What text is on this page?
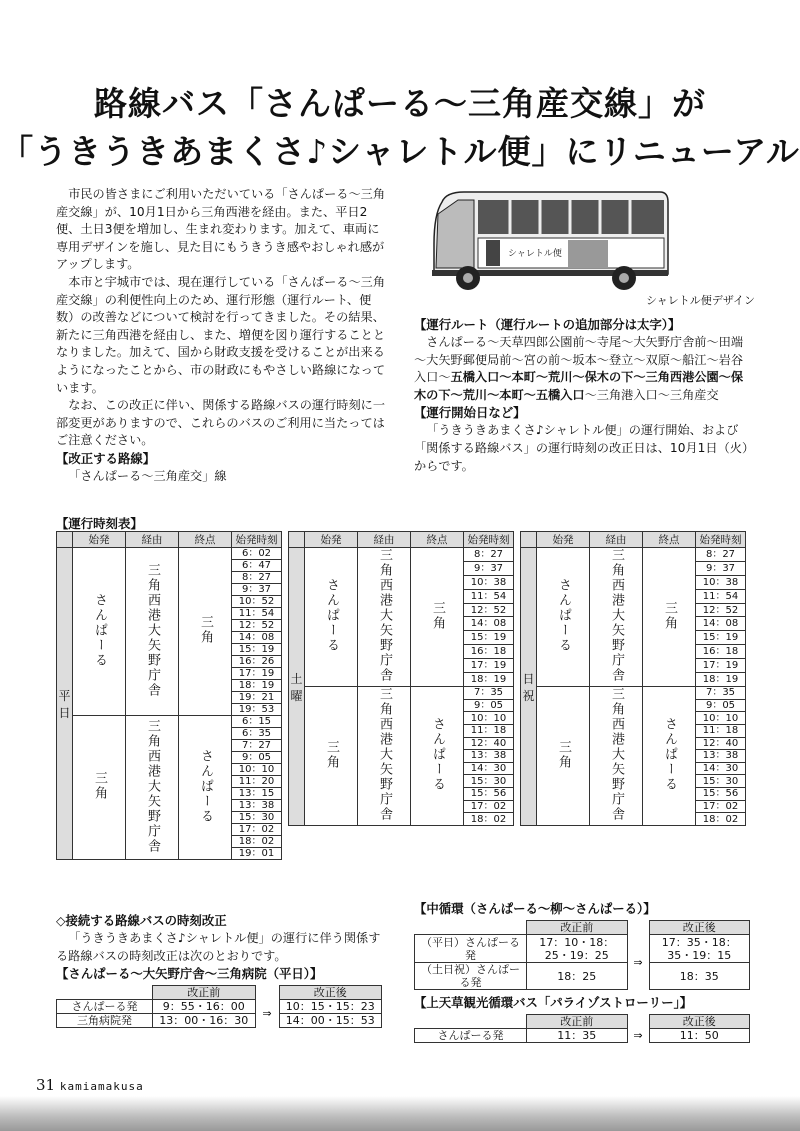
路線バス「さんぱーる～三角産交線」が
「うきうきあまくさ♪シャレトル便」にリニューアル

市民の皆さまにご利用いただいている「さんぱーる～三角産交線」が、10月1日から三角西港を経由。また、平日2便、土日3便を増加し、生まれ変わります。加えて、車両に専用デザインを施し、見た目にもうきうき感やおしゃれ感がアップします。

本市と宇城市では、現在運行している「さんぱーる～三角産交線」の利便性向上のため、運行形態（運行ルート、便数）の改善などについて検討を行ってきました。その結果、新たに三角西港を経由し、また、増便を図り運行することとなりました。加えて、国から財政支援を受けることが出来るようになったことから、市の財政にもやさしい路線になっています。

なお、この改正に伴い、関係する路線バスの運行時刻に一部変更がありますので、これらのバスのご利用に当たってはご注意ください。

【改正する路線】
「さんぱーる～三角産交」線
シャレトル便
シャレトル便デザイン
【運行ルート（運行ルートの追加部分は太字）】
さんぱーる～天草四郎公園前～寺尾～大矢野庁舎前～田端～大矢野郵便局前～宮の前～坂本～登立～双原～船江～岩谷入口～五橋入口～本町～荒川～保木の下～三角西港公園～保木の下～荒川～本町～五橋入口～三角港入口～三角産交
【運行開始日など】
「うきうきあまくさ♪シャレトル便」の運行開始、および「関係する路線バス」の運行時刻の改正日は、10月1日（火）からです。
【運行時刻表】
	始発	経由	終点	始発時刻

平
日	さんぱーる	三角西港大矢野庁舎	三角	6：02
				6：47
				8：27
				9：37
				10：52
				11：54
				12：52
				14：08
				15：19
				16：26
				17：19
				18：19
				19：21
				19：53
	三角	三角西港大矢野庁舎	さんぱーる	6：15
				6：35
				7：27
				9：05
				10：10
				11：20
				13：15
				13：38
				15：30
				17：02
				18：02
				19：01
	始発	経由	終点	始発時刻

土
曜	さんぱーる	三角西港大矢野庁舎	三角	8：27
				9：37
				10：38
				11：54
				12：52
				14：08
				15：19
				16：18
				17：19
				18：19
	三角	三角西港大矢野庁舎	さんぱーる	7：35
				9：05
				10：10
				11：18
				12：40
				13：38
				14：30
				15：30
				15：56
				17：02
				18：02
	始発	経由	終点	始発時刻

日
祝	さんぱーる	三角西港大矢野庁舎	三角	8：27
				9：37
				10：38
				11：54
				12：52
				14：08
				15：19
				16：18
				17：19
				18：19
	三角	三角西港大矢野庁舎	さんぱーる	7：35
				9：05
				10：10
				11：18
				12：40
				13：38
				14：30
				15：30
				15：56
				17：02
				18：02
◇接続する路線バスの時刻改正
「うきうきあまくさ♪シャレトル便」の運行に伴う関係する路線バスの時刻改正は次のとおりです。
【さんぱーる～大矢野庁舎～三角病院（平日）】
	改正前		改正後
さんぱーる発	9：55・16：00	⇒	10：15・15：23
三角病院発	13：00・16：30		14：00・15：53
【中循環（さんぱーる～柳～さんぱーる）】
	改正前		改正後
（平日）さんぱーる発	17：10・18：25・19：25	⇒	17：35・18：35・19：15
（土日祝）さんぱーる発	18：25		18：35
【上天草観光循環バス「パライゾストローリー」】
	改正前		改正後
さんぱーる発	11：35	⇒	11：50
31 kamiamakusa
